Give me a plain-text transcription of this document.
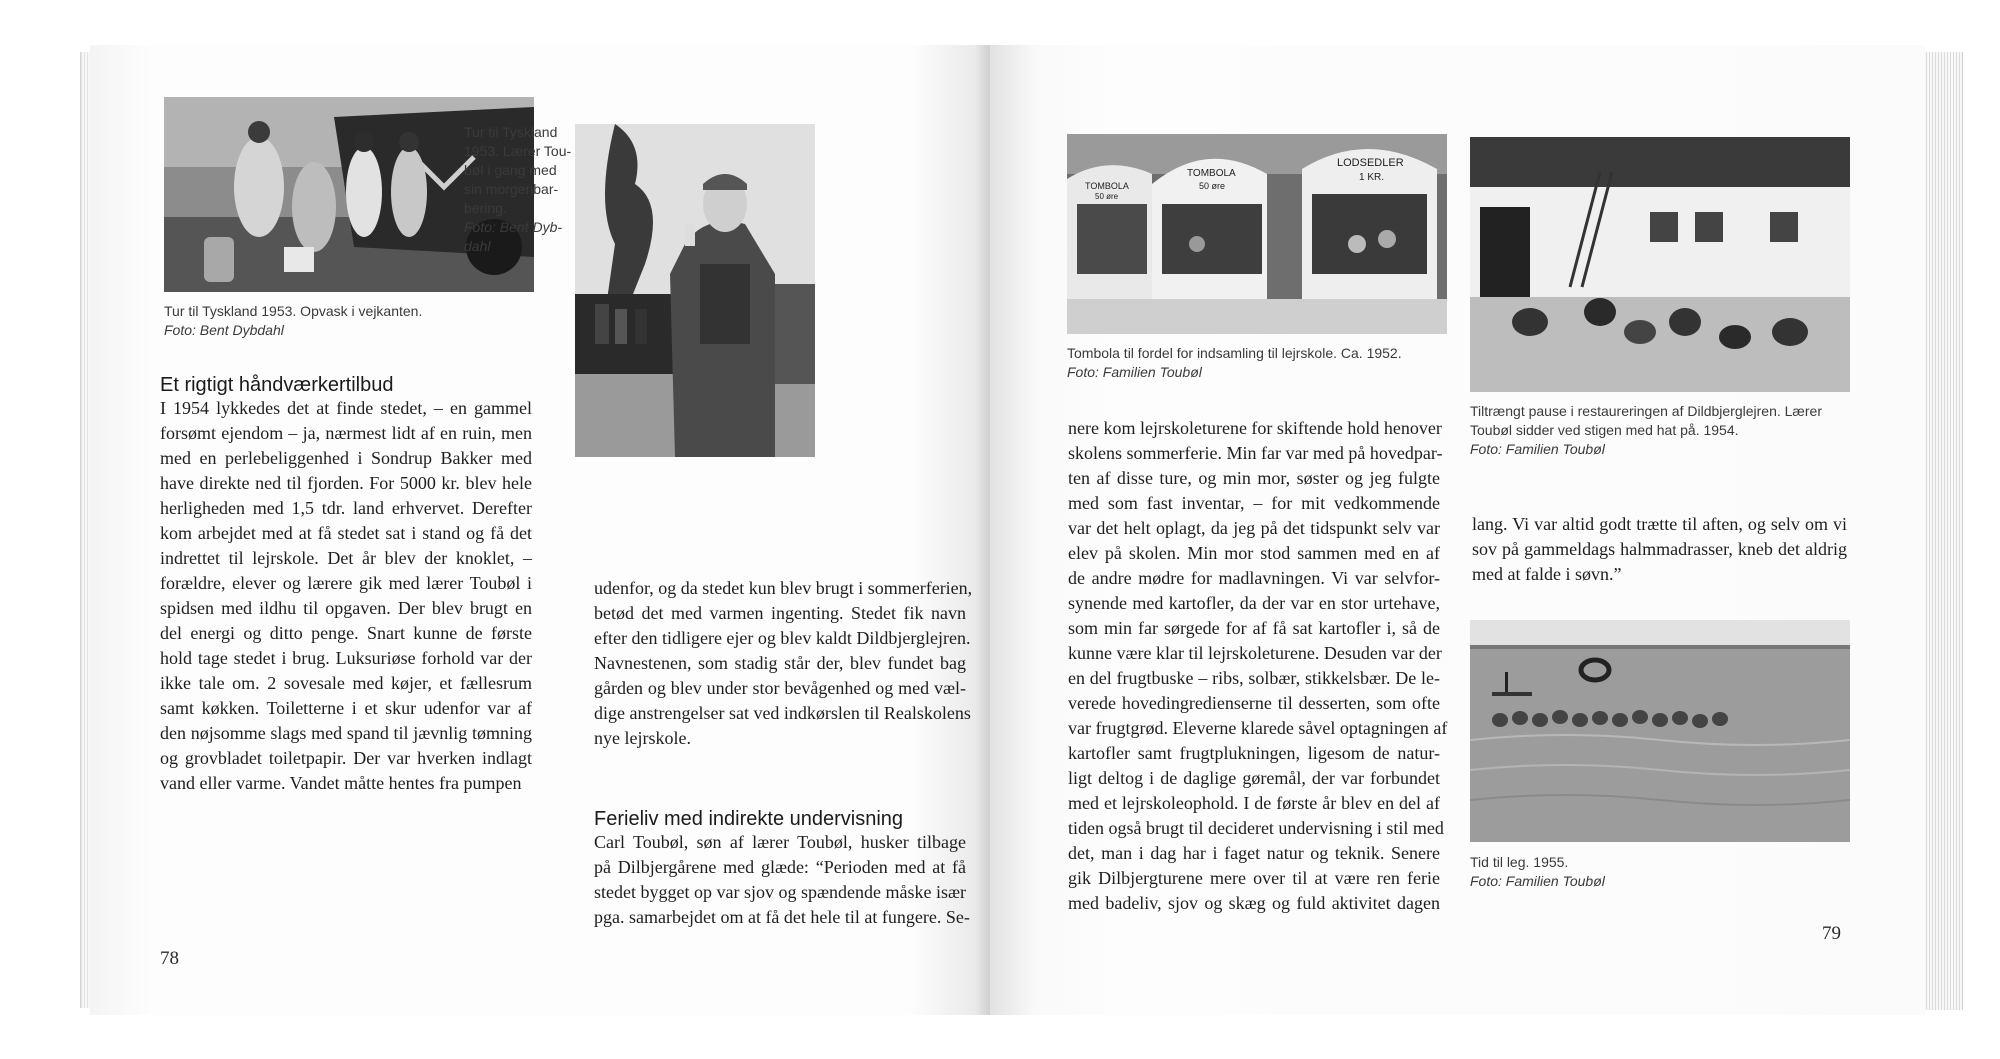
Tur til Tyskland 1953. Opvask i vejkanten.
Foto: Bent Dybdahl
Tur til Tyskland
1953. Lærer Tou-
bøl i gang med
sin morgenbar-
bering.
Foto: Bent Dyb-
dahl
Et rigtigt håndværkertilbud
I 1954 lykkedes det at finde stedet, – en gammel
forsømt ejendom – ja, nærmest lidt af en ruin, men
med en perlebeliggenhed i Sondrup Bakker med
have direkte ned til fjorden. For 5000 kr. blev hele
herligheden med 1,5 tdr. land erhvervet. Derefter
kom arbejdet med at få stedet sat i stand og få det
indrettet til lejrskole. Det år blev der knoklet, –
forældre, elever og lærere gik med lærer Toubøl i
spidsen med ildhu til opgaven. Der blev brugt en
del energi og ditto penge. Snart kunne de første
hold tage stedet i brug. Luksuriøse forhold var der
ikke tale om. 2 sovesale med køjer, et fællesrum
samt køkken. Toiletterne i et skur udenfor var af
den nøjsomme slags med spand til jævnlig tømning
og grovbladet toiletpapir. Der var hverken indlagt
vand eller varme. Vandet måtte hentes fra pumpen
udenfor, og da stedet kun blev brugt i sommerferien,
betød det med varmen ingenting. Stedet fik navn
efter den tidligere ejer og blev kaldt Dildbjerglejren.
Navnestenen, som stadig står der, blev fundet bag
gården og blev under stor bevågenhed og med væl-
dige anstrengelser sat ved indkørslen til Realskolens
nye lejrskole.
Ferieliv med indirekte undervisning
Carl Toubøl, søn af lærer Toubøl, husker tilbage
på Dilbjergårene med glæde: “Perioden med at få
stedet bygget op var sjov og spændende måske især
pga. samarbejdet om at få det hele til at fungere. Se-
78
TOMBOLA
50 øre
TOMBOLA
50 øre
LODSEDLER
1 KR.
Tombola til fordel for indsamling til lejrskole. Ca. 1952.
Foto: Familien Toubøl
Tiltrængt pause i restaureringen af Dildbjerglejren. Lærer
Toubøl sidder ved stigen med hat på. 1954.
Foto: Familien Toubøl
nere kom lejrskoleturene for skiftende hold henover
skolens sommerferie. Min far var med på hovedpar-
ten af disse ture, og min mor, søster og jeg fulgte
med som fast inventar, – for mit vedkommende
var det helt oplagt, da jeg på det tidspunkt selv var
elev på skolen. Min mor stod sammen med en af
de andre mødre for madlavningen. Vi var selvfor-
synende med kartofler, da der var en stor urtehave,
som min far sørgede for af få sat kartofler i, så de
kunne være klar til lejrskoleturene. Desuden var der
en del frugtbuske – ribs, solbær, stikkelsbær. De le-
verede hovedingredienserne til desserten, som ofte
var frugtgrød. Eleverne klarede såvel optagningen af
kartofler samt frugtplukningen, ligesom de natur-
ligt deltog i de daglige gøremål, der var forbundet
med et lejrskoleophold. I de første år blev en del af
tiden også brugt til decideret undervisning i stil med
det, man i dag har i faget natur og teknik. Senere
gik Dilbjergturene mere over til at være ren ferie
med badeliv, sjov og skæg og fuld aktivitet dagen
lang. Vi var altid godt trætte til aften, og selv om vi
sov på gammeldags halmmadrasser, kneb det aldrig
med at falde i søvn.”
Tid til leg. 1955.
Foto: Familien Toubøl
79
